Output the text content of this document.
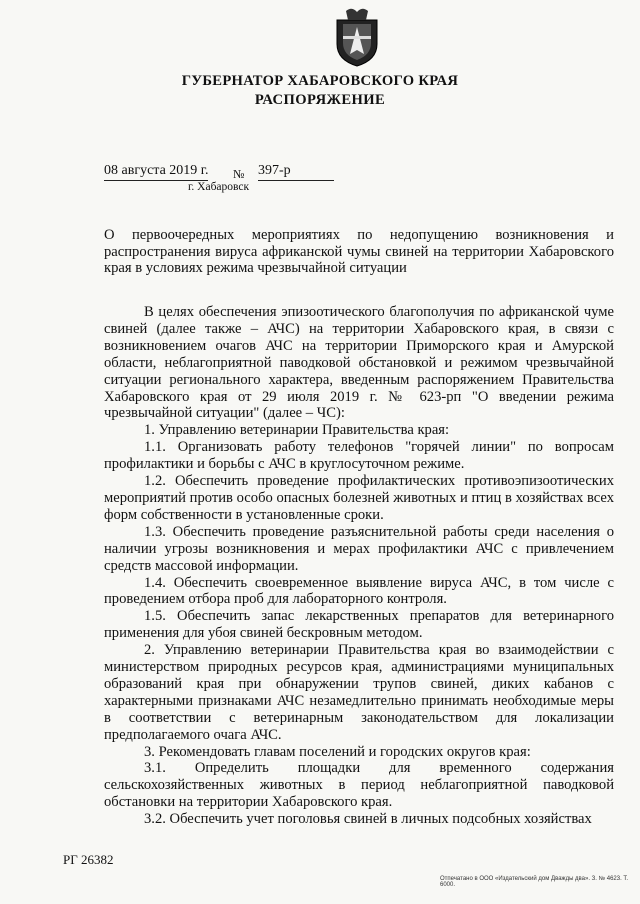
ГУБЕРНАТОР ХАБАРОВСКОГО КРАЯ
РАСПОРЯЖЕНИЕ
08 августа 2019 г. № 397-р
г. Хабаровск
О первоочередных мероприятиях по недопущению возникновения и распространения вируса африканской чумы свиней на территории Хабаровского края в условиях режима чрезвычайной ситуации

В целях обеспечения эпизоотического благополучия по африканской чуме свиней (далее также – АЧС) на территории Хабаровского края, в связи с возникновением очагов АЧС на территории Приморского края и Амурской области, неблагоприятной паводковой обстановкой и режимом чрезвычайной ситуации регионального характера, введенным распоряжением Правительства Хабаровского края от 29 июля 2019 г. № 623-рп "О введении режима чрезвычайной ситуации" (далее – ЧС):

1. Управлению ветеринарии Правительства края:

1.1. Организовать работу телефонов "горячей линии" по вопросам профилактики и борьбы с АЧС в круглосуточном режиме.

1.2. Обеспечить проведение профилактических противоэпизоотических мероприятий против особо опасных болезней животных и птиц в хозяйствах всех форм собственности в установленные сроки.

1.3. Обеспечить проведение разъяснительной работы среди населения о наличии угрозы возникновения и мерах профилактики АЧС с привлечением средств массовой информации.

1.4. Обеспечить своевременное выявление вируса АЧС, в том числе с проведением отбора проб для лабораторного контроля.

1.5. Обеспечить запас лекарственных препаратов для ветеринарного применения для убоя свиней бескровным методом.

2. Управлению ветеринарии Правительства края во взаимодействии с министерством природных ресурсов края, администрациями муниципальных образований края при обнаружении трупов свиней, диких кабанов с характерными признаками АЧС незамедлительно принимать необходимые меры в соответствии с ветеринарным законодательством для локализации предполагаемого очага АЧС.

3. Рекомендовать главам поселений и городских округов края:

3.1. Определить площадки для временного содержания сельскохозяйственных животных в период неблагоприятной паводковой обстановки на территории Хабаровского края.

3.2. Обеспечить учет поголовья свиней в личных подсобных хозяйствах

РГ 26382
Отпечатано в ООО «Издательский дом Дважды два». З. № 4623. Т. 6000.
